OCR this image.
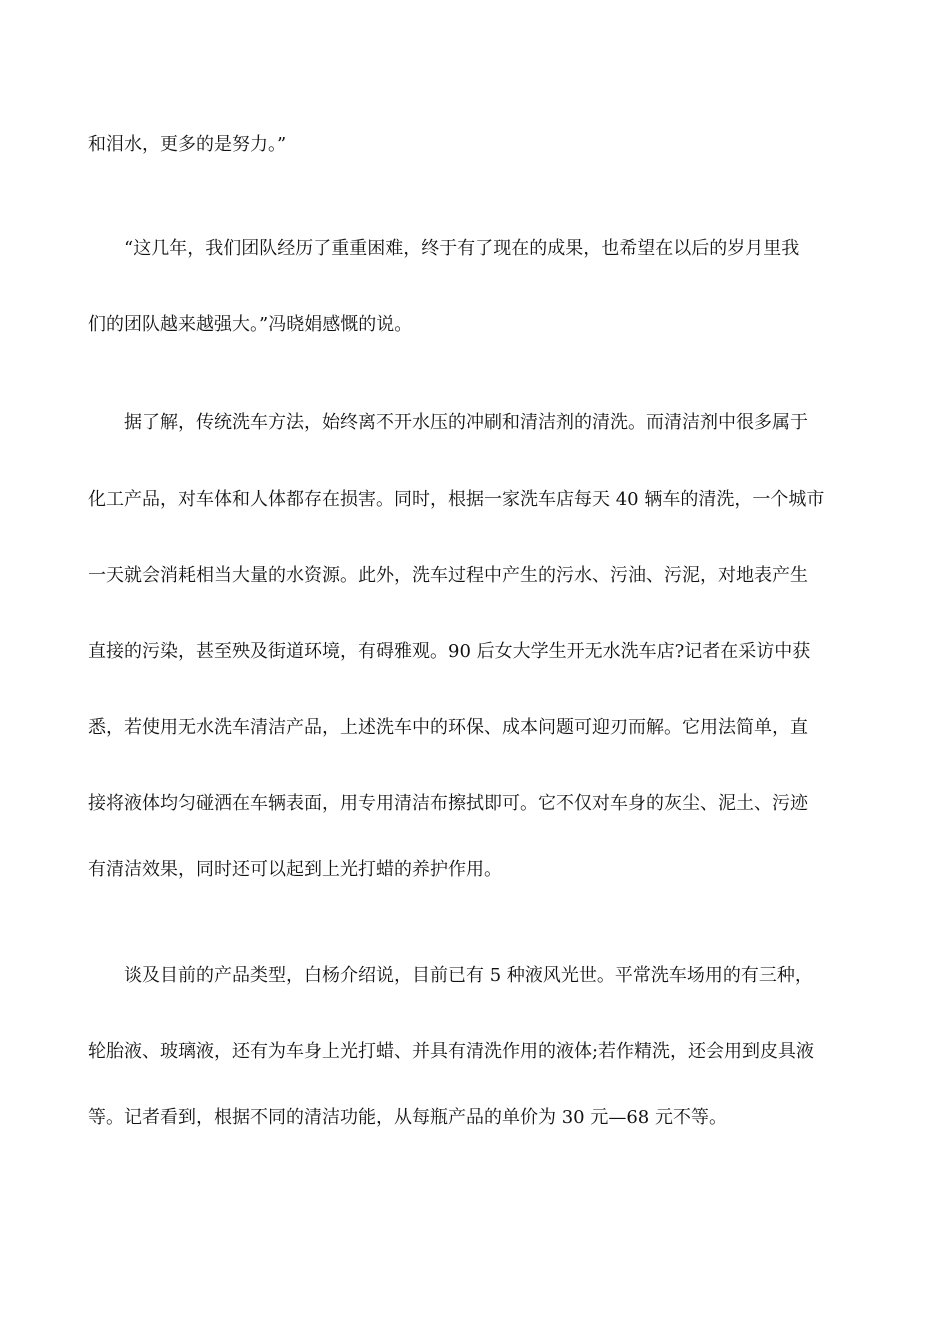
和泪水，更多的是努力。”

“这几年，我们团队经历了重重困难，终于有了现在的成果，也希望在以后的岁月里我

们的团队越来越强大。”冯晓娟感慨的说。

据了解，传统洗车方法，始终离不开水压的冲刷和清洁剂的清洗。而清洁剂中很多属于

化工产品，对车体和人体都存在损害。同时，根据一家洗车店每天 40 辆车的清洗，一个城市

一天就会消耗相当大量的水资源。此外，洗车过程中产生的污水、污油、污泥，对地表产生

直接的污染，甚至殃及街道环境，有碍雅观。90 后女大学生开无水洗车店?记者在采访中获

悉，若使用无水洗车清洁产品，上述洗车中的环保、成本问题可迎刃而解。它用法简单，直

接将液体均匀碰洒在车辆表面，用专用清洁布擦拭即可。它不仅对车身的灰尘、泥土、污迹

有清洁效果，同时还可以起到上光打蜡的养护作用。

谈及目前的产品类型，白杨介绍说，目前已有 5 种液风光世。平常洗车场用的有三种，

轮胎液、玻璃液，还有为车身上光打蜡、并具有清洗作用的液体;若作精洗，还会用到皮具液

等。记者看到，根据不同的清洁功能，从每瓶产品的单价为 30 元—68 元不等。
